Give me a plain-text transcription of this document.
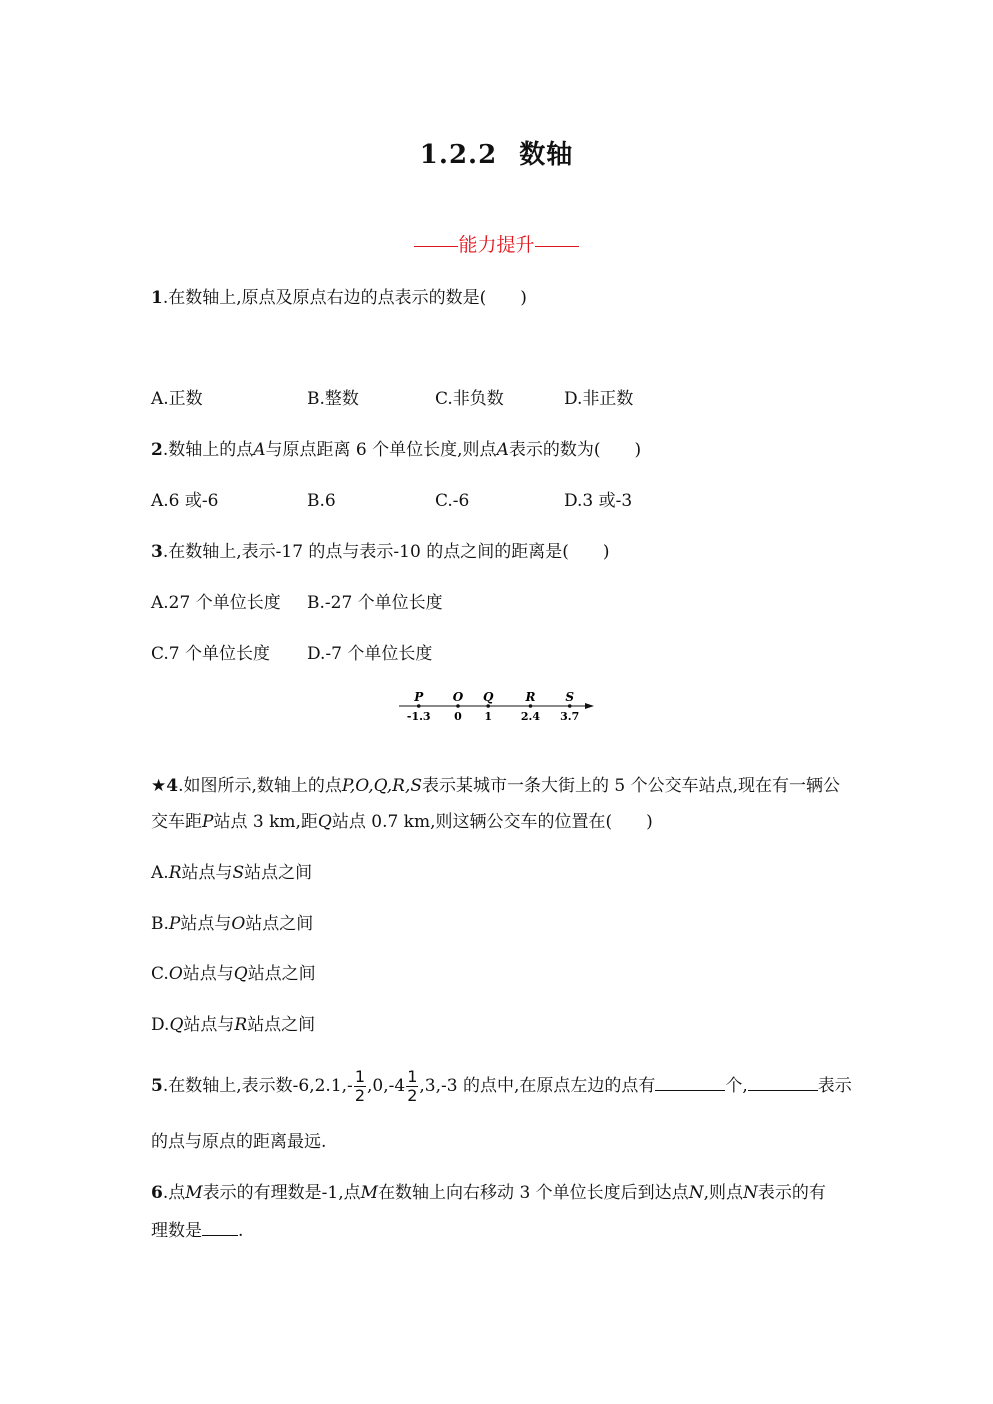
1.2.2 数轴
能力提升
1.在数轴上,原点及原点右边的点表示的数是(　　)
A.正数	B.整数	C.非负数	D.非正数
2.数轴上的点A与原点距离 6 个单位长度,则点A表示的数为(　　)
A.6 或-6	B.6	C.-6	D.3 或-3
3.在数轴上,表示-17 的点与表示-10 的点之间的距离是(　　)
A.27 个单位长度 B.-27 个单位长度
C.7 个单位长度 D.-7 个单位长度
P
-1.3
O
0
Q
1
R
2.4
S
3.7
★4.如图所示,数轴上的点P,O,Q,R,S表示某城市一条大街上的 5 个公交车站点,现在有一辆公
交车距P站点 3 km,距Q站点 0.7 km,则这辆公交车的位置在(　　)
A.R站点与S站点之间
B.P站点与O站点之间
C.O站点与Q站点之间
D.Q站点与R站点之间
5.在数轴上,表示数$-6,2.1,- \frac{1}{2} ,0,-4 \frac{1}{2} ,3,-3$ 的点中,在原点左边的点有	个,	表示
的点与原点的距离最远.
6.点M表示的有理数是-1,点M在数轴上向右移动 3 个单位长度后到达点N,则点N表示的有
理数是 .
